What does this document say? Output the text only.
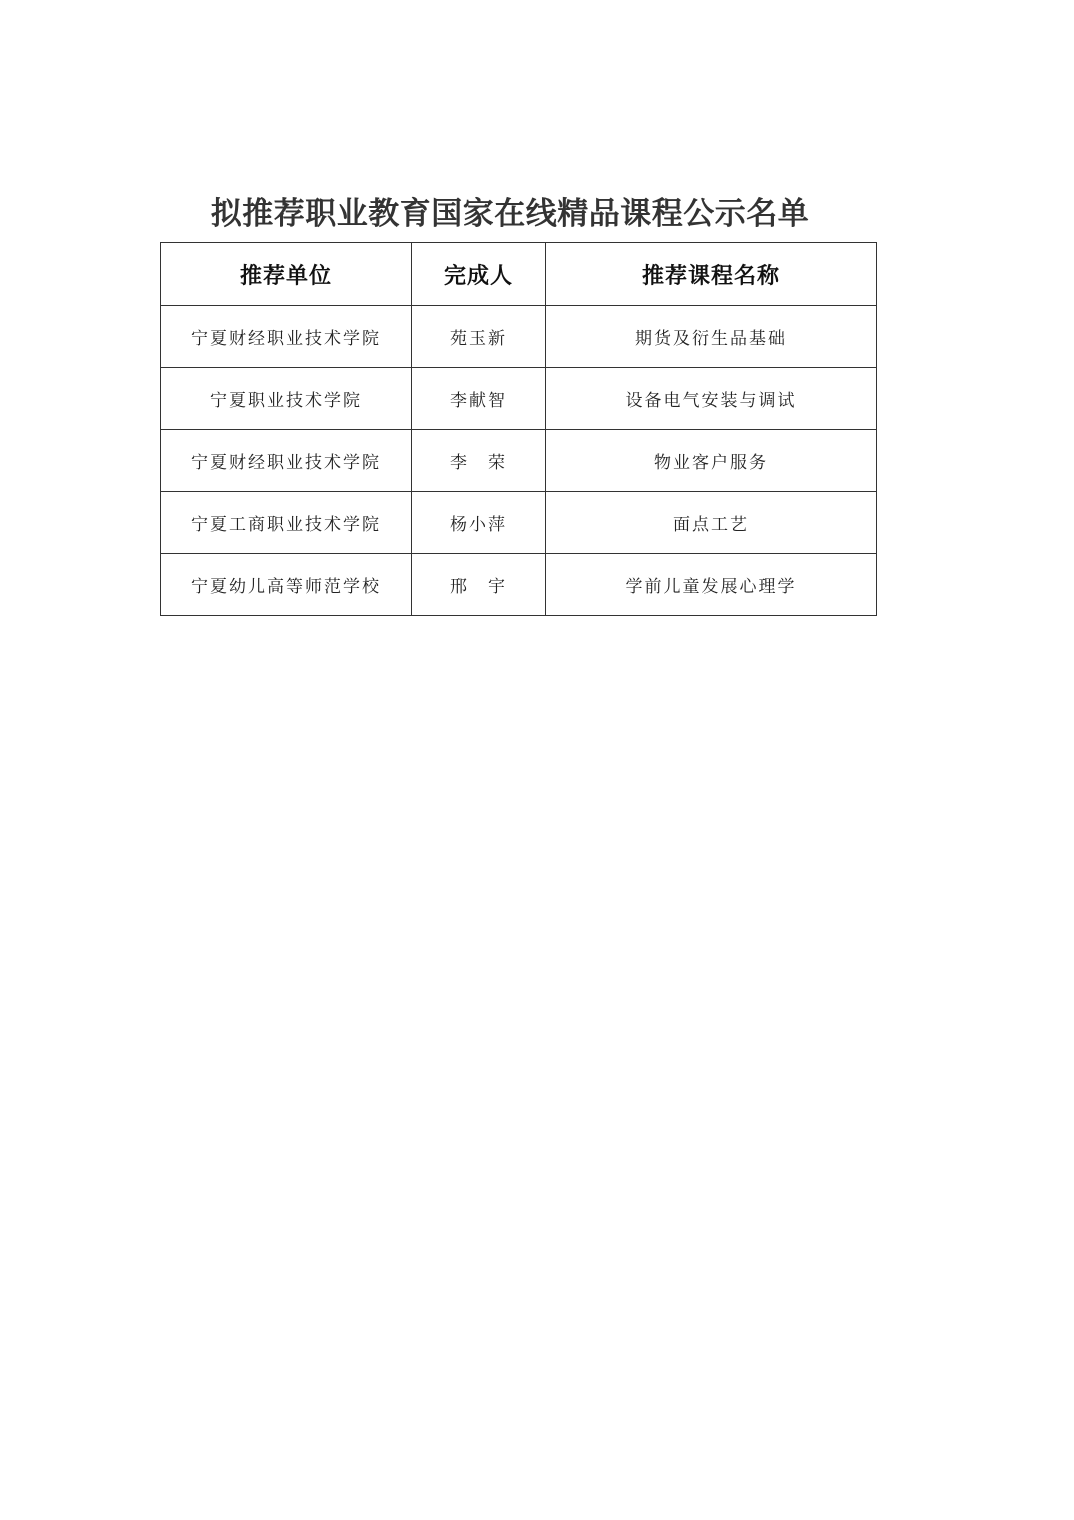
拟推荐职业教育国家在线精品课程公示名单
推荐单位	完成人	推荐课程名称
宁夏财经职业技术学院	苑玉新	期货及衍生品基础
宁夏职业技术学院	李献智	设备电气安装与调试
宁夏财经职业技术学院	李　荣	物业客户服务
宁夏工商职业技术学院	杨小萍	面点工艺
宁夏幼儿高等师范学校	邢　宇	学前儿童发展心理学
